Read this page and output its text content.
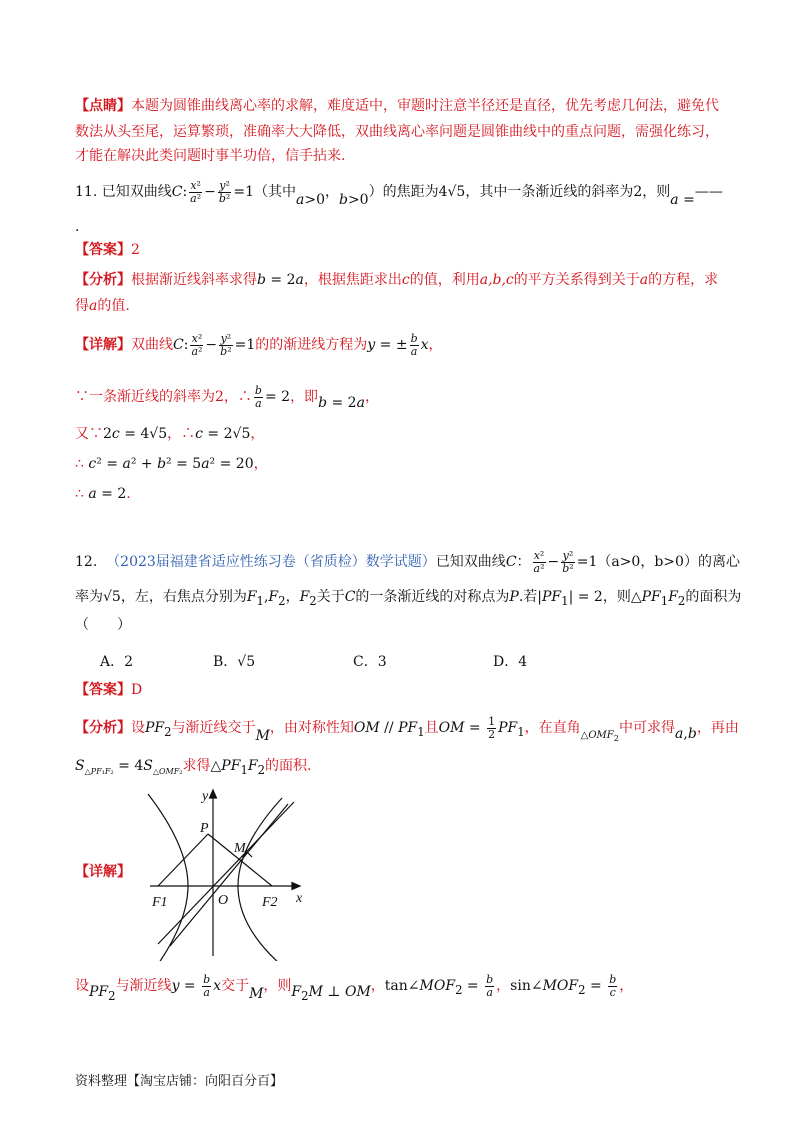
【点睛】本题为圆锥曲线离心率的求解，难度适中，审题时注意半径还是直径，优先考虑几何法，避免代
数法从头至尾，运算繁琐，准确率大大降低，双曲线离心率问题是圆锥曲线中的重点问题，需强化练习，
才能在解决此类问题时事半功倍，信手拈来.
11. 已知双曲线C: $\frac{\text{x²}}{\text{a²}} - \frac{\text{y²}}{\text{b²}} =1$（其中a>0，b>0）的焦距为4√5，其中一条渐近线的斜率为2，则a =——
.
【答案】2
【分析】根据渐近线斜率求得b = 2a，根据焦距求出c的值，利用a,b,c的平方关系得到关于a的方程，求
得a的值.
【详解】双曲线C: $\frac{\text{x²}}{\text{a²}} - \frac{\text{y²}}{\text{b²}} =1$的的渐进线方程为y = ± $\frac{b}{a}$ x，
∵一条渐近线的斜率为2，∴ $\frac{b}{a} = 2$，即b = 2a，
又∵2c = 4√5，∴c = 2√5，
∴ c² = a² + b² = 5a² = 20，
∴ a = 2.
12. （2023届福建省适应性练习卷（省质检）数学试题）已知双曲线C： $\frac{\text{x²}}{\text{a²}} - \frac{\text{y²}}{\text{b²}} =1(a>0$，b>0）的离心
率为√5，左，右焦点分别为$F_1,F_2$，$F_2$关于C的一条渐近线的对称点为P.若$|PF_1| = 2$，则$\triangle PF_1F_2$的面积为
（　　）
A．2	B．√5	C．3	D．4
【答案】D
【分析】设$PF_2$与渐近线交于M，由对称性知OM // $PF_1$且OM = $\frac{1}{2} PF_1$，在直角$_{\triangle OMF_2}$中可求得a,b，再由
$S_{\triangle PF_1F_2} = 4S_{\triangle OMF_2}$求得$\triangle PF_1F_2$的面积.
【详解】
y
x
O
P
M
F1	F2
设$PF_2$与渐近线$y = \frac{b}{a}$ x交于M，则$F_2M$ ⊥ OM，$\tan\angle MOF_2 = \frac{b}{a}$ ，$\sin\angle MOF_2 = \frac{b}{c}$ ，
资料整理【淘宝店铺：向阳百分百】
